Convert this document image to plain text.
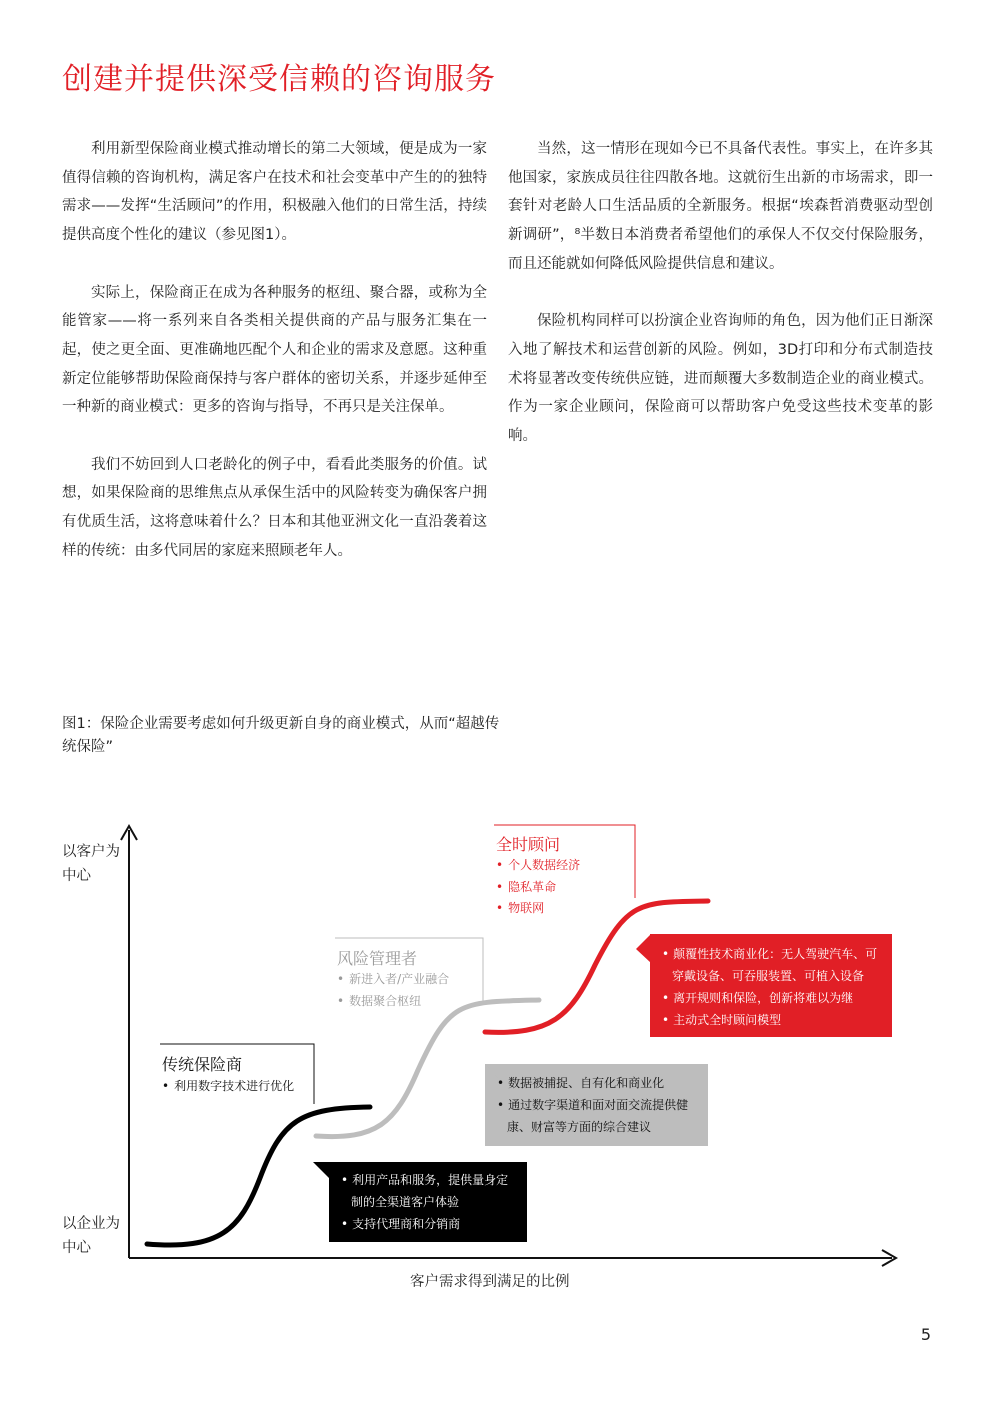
创建并提供深受信赖的咨询服务

利用新型保险商业模式推动增长的第二大领域，便是成为一家值得信赖的咨询机构，满足客户在技术和社会变革中产生的的独特需求——发挥“生活顾问”的作用，积极融入他们的日常生活，持续提供高度个性化的建议（参见图1）。

实际上，保险商正在成为各种服务的枢纽、聚合器，或称为全能管家——将一系列来自各类相关提供商的产品与服务汇集在一起，使之更全面、更准确地匹配个人和企业的需求及意愿。这种重新定位能够帮助保险商保持与客户群体的密切关系，并逐步延伸至一种新的商业模式：更多的咨询与指导，不再只是关注保单。

我们不妨回到人口老龄化的例子中，看看此类服务的价值。试想，如果保险商的思维焦点从承保生活中的风险转变为确保客户拥有优质生活，这将意味着什么？日本和其他亚洲文化一直沿袭着这样的传统：由多代同居的家庭来照顾老年人。

当然，这一情形在现如今已不具备代表性。事实上，在许多其他国家，家族成员往往四散各地。这就衍生出新的市场需求，即一套针对老龄人口生活品质的全新服务。根据“埃森哲消费驱动型创新调研”，⁸半数日本消费者希望他们的承保人不仅交付保险服务，而且还能就如何降低风险提供信息和建议。

保险机构同样可以扮演企业咨询师的角色，因为他们正日渐深入地了解技术和运营创新的风险。例如，3D打印和分布式制造技术将显著改变传统供应链，进而颠覆大多数制造企业的商业模式。作为一家企业顾问，保险商可以帮助客户免受这些技术变革的影响。

图1：保险企业需要考虑如何升级更新自身的商业模式，从而“超越传统保险”
以客户为中心
以企业为中心
客户需求得到满足的比例
传统保险商
• 利用数字技术进行优化
风险管理者
• 新进入者/产业融合
• 数据聚合枢纽
全时顾问
• 个人数据经济
• 隐私革命
• 物联网
• 利用产品和服务，提供量身定制的全渠道客户体验
• 支持代理商和分销商
• 数据被捕捉、自有化和商业化
• 通过数字渠道和面对面交流提供健康、财富等方面的综合建议
• 颠覆性技术商业化：无人驾驶汽车、可穿戴设备、可吞服装置、可植入设备
• 离开规则和保险，创新将难以为继
• 主动式全时顾问模型
5
